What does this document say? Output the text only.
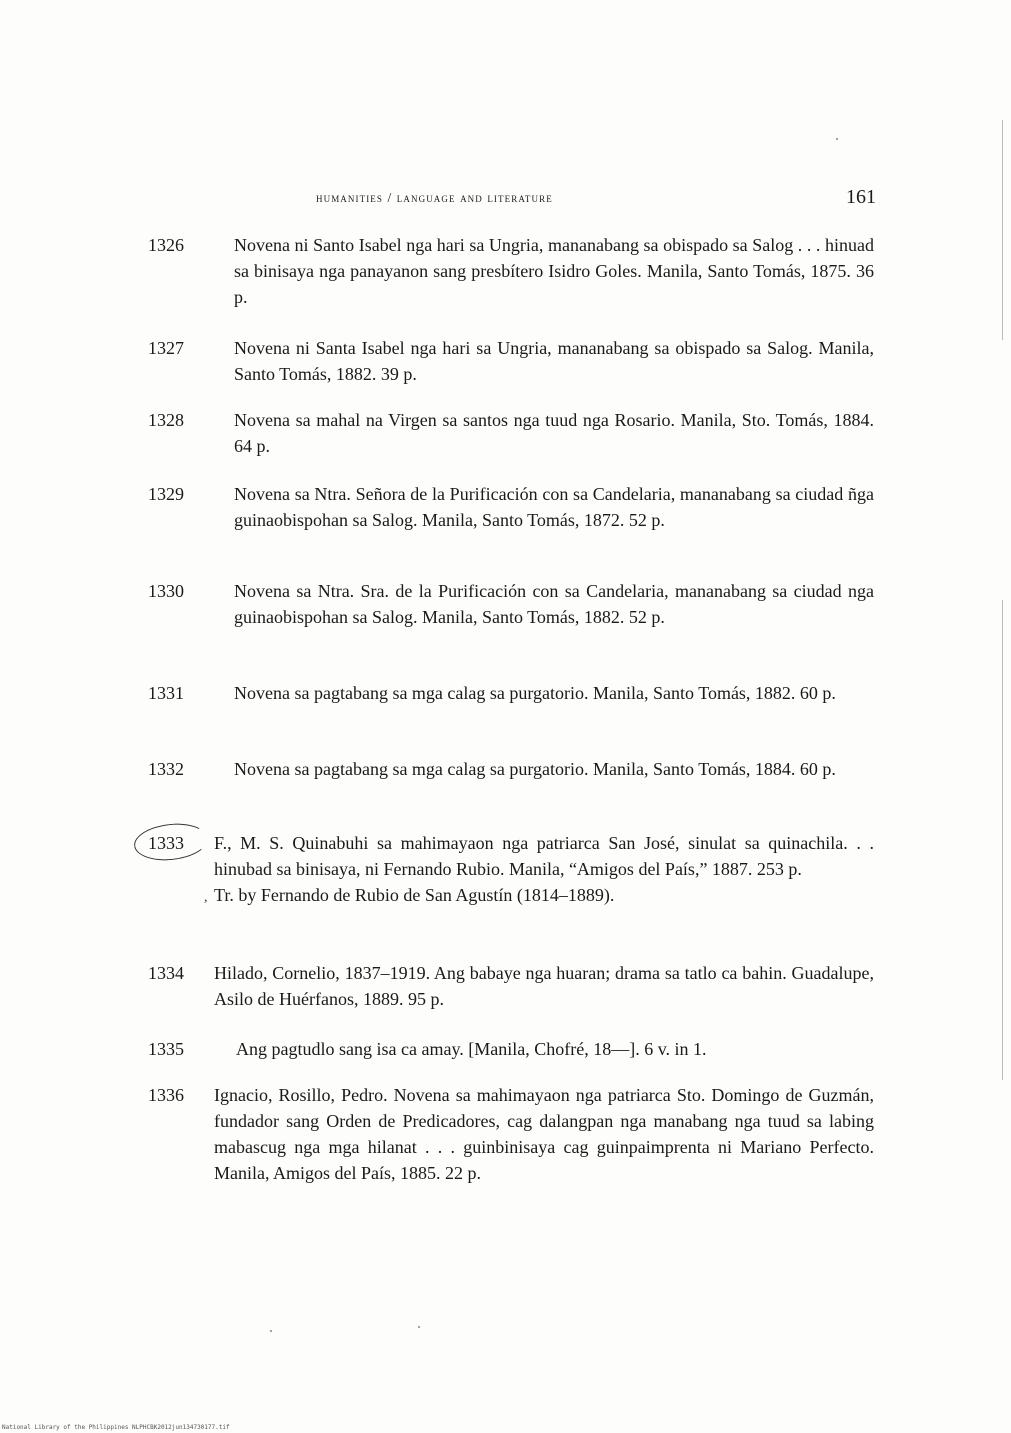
humanities / language and literature	161
1326	Novena ni Santo Isabel nga hari sa Ungria, mananabang sa obispado sa Salog . . . hinuad sa binisaya nga panayanon sang presbítero Isidro Goles. Manila, Santo Tomás, 1875. 36 p.
1327	Novena ni Santa Isabel nga hari sa Ungria, mananabang sa obispado sa Salog. Manila, Santo Tomás, 1882. 39 p.
1328	Novena sa mahal na Virgen sa santos nga tuud nga Rosario. Manila, Sto. Tomás, 1884. 64 p.
1329	Novena sa Ntra. Señora de la Purificación con sa Candelaria, mananabang sa ciudad ñga guinaobispohan sa Salog. Manila, Santo Tomás, 1872. 52 p.
1330	Novena sa Ntra. Sra. de la Purificación con sa Candelaria, mananabang sa ciudad nga guinaobispohan sa Salog. Manila, Santo Tomás, 1882. 52 p.
1331	Novena sa pagtabang sa mga calag sa purgatorio. Manila, Santo Tomás, 1882. 60 p.
1332	Novena sa pagtabang sa mga calag sa purgatorio. Manila, Santo Tomás, 1884. 60 p.
1333 F., M. S. Quinabuhi sa mahimayaon nga patriarca San José, sinulat sa quinachila. . . hinubad sa binisaya, ni Fernando Rubio. Manila, “Amigos del País,” 1887. 253 p.
Tr. by Fernando de Rubio de San Agustín (1814–1889).
,
1334 Hilado, Cornelio, 1837–1919. Ang babaye nga huaran; drama sa tatlo ca bahin. Guadalupe, Asilo de Huérfanos, 1889. 95 p.
1335	Ang pagtudlo sang isa ca amay. [Manila, Chofré, 18—]. 6 v. in 1.
1336 Ignacio, Rosillo, Pedro. Novena sa mahimayaon nga patriarca Sto. Domingo de Guzmán, fundador sang Orden de Predicadores, cag dalangpan nga manabang nga tuud sa labing mabascug nga mga hilanat . . . guinbinisaya cag guinpaimprenta ni Mariano Perfecto. Manila, Amigos del País, 1885. 22 p.
National Library of the Philippines NLPHCBK2012jun134730177.tif
